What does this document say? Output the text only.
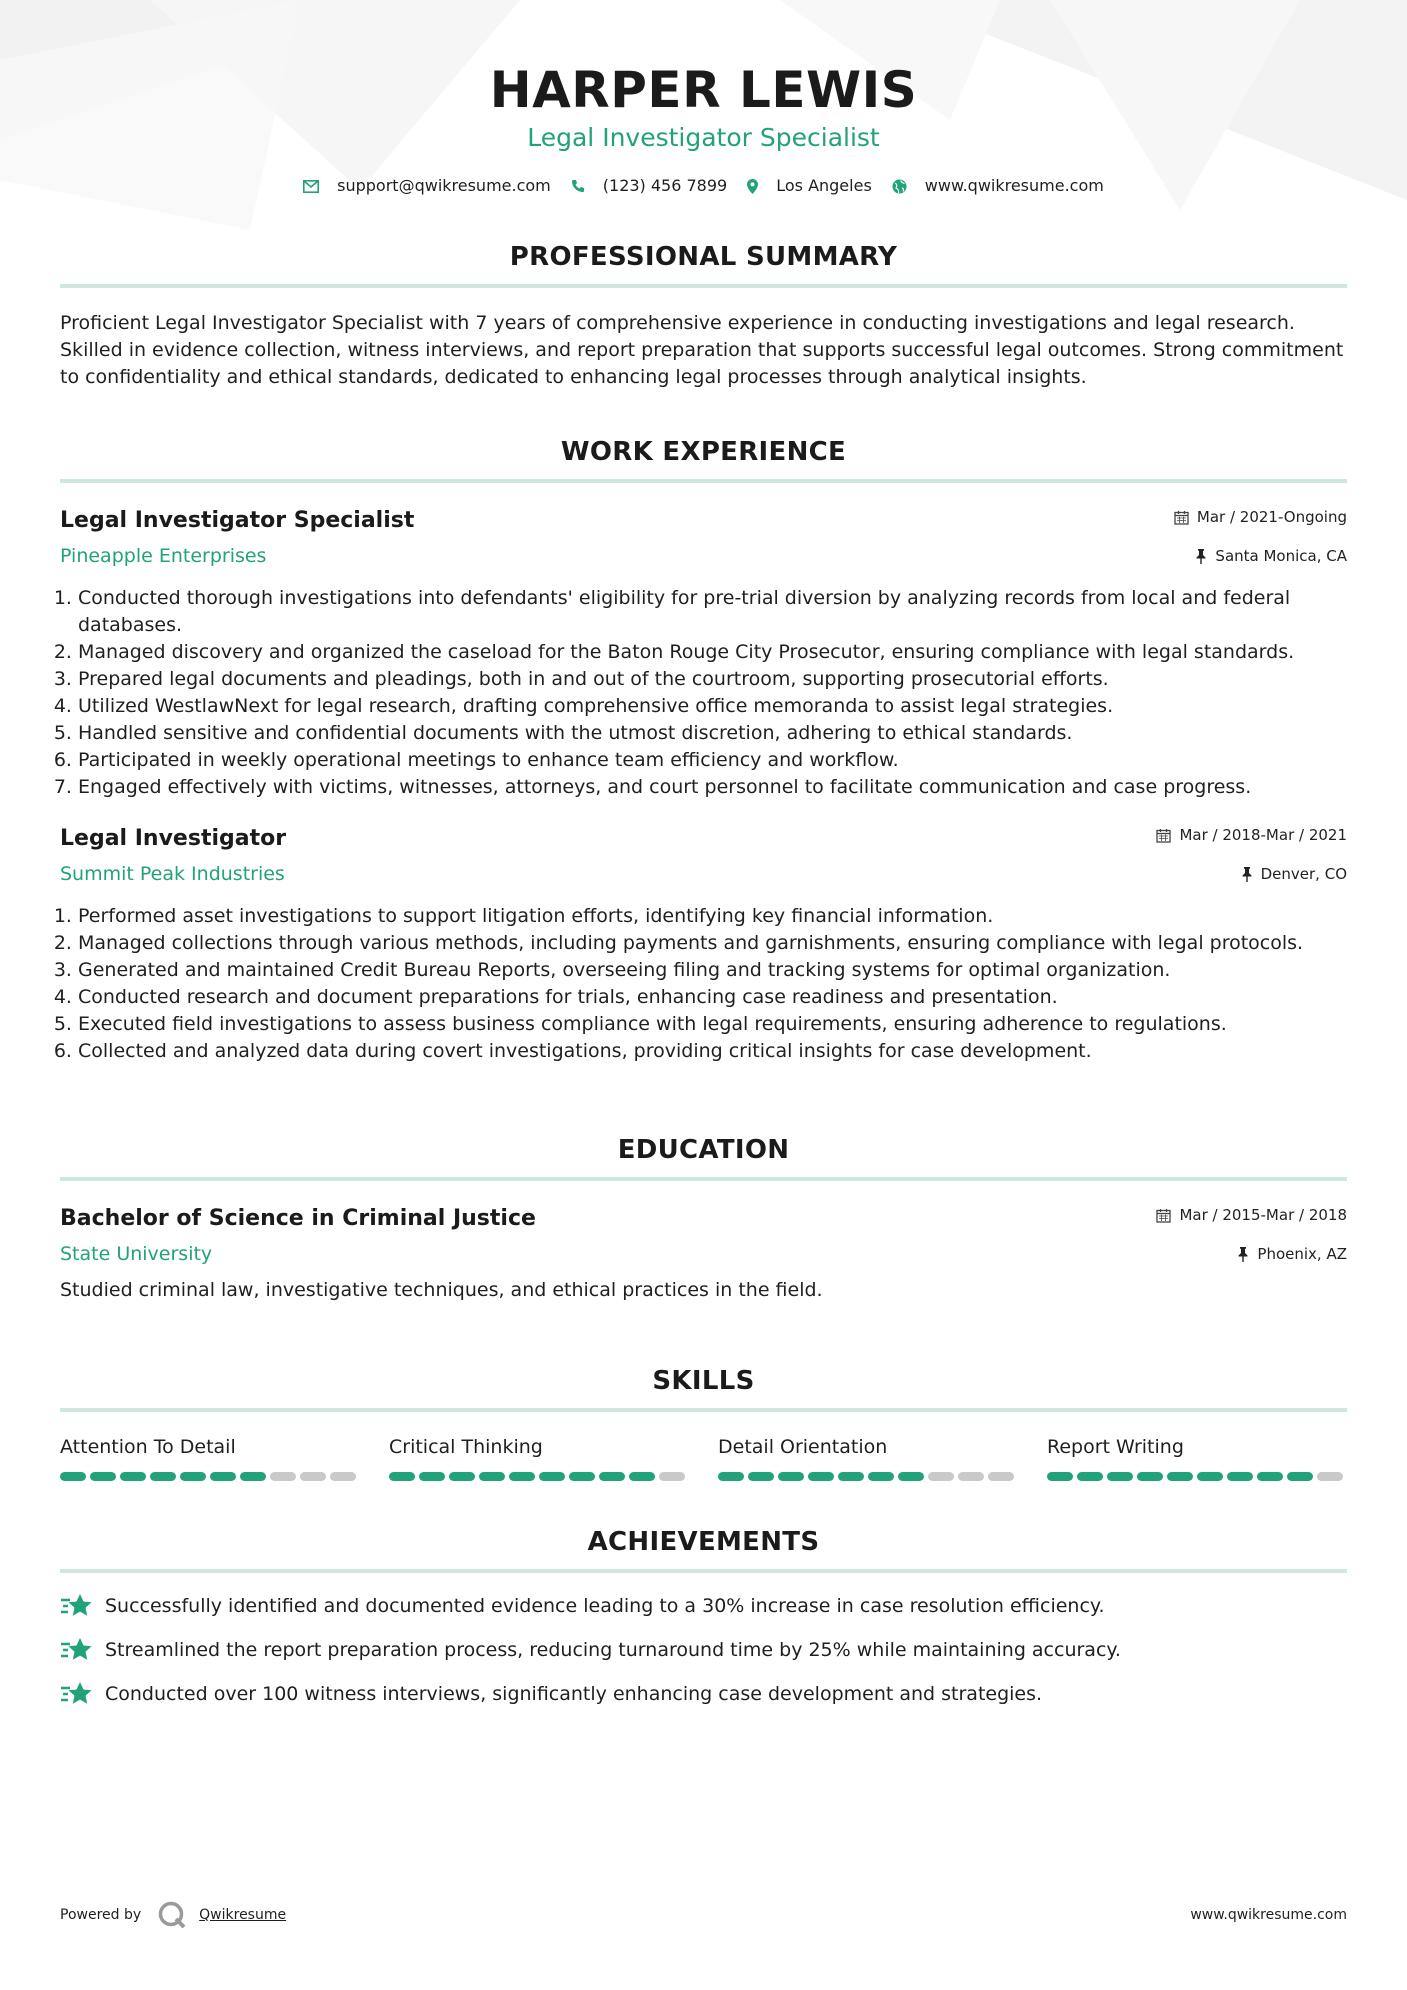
HARPER LEWIS
Legal Investigator Specialist
support@qwikresume.com	(123) 456 7899	Los Angeles	www.qwikresume.com
PROFESSIONAL SUMMARY
Proficient Legal Investigator Specialist with 7 years of comprehensive experience in conducting investigations and legal research. Skilled in evidence collection, witness interviews, and report preparation that supports successful legal outcomes. Strong commitment to confidentiality and ethical standards, dedicated to enhancing legal processes through analytical insights.
WORK EXPERIENCE
Legal Investigator Specialist	Mar / 2021-Ongoing
Pineapple Enterprises	Santa Monica, CA
1. Conducted thorough investigations into defendants' eligibility for pre-trial diversion by analyzing records from local and federal databases.
2. Managed discovery and organized the caseload for the Baton Rouge City Prosecutor, ensuring compliance with legal standards.
3. Prepared legal documents and pleadings, both in and out of the courtroom, supporting prosecutorial efforts.
4. Utilized WestlawNext for legal research, drafting comprehensive office memoranda to assist legal strategies.
5. Handled sensitive and confidential documents with the utmost discretion, adhering to ethical standards.
6. Participated in weekly operational meetings to enhance team efficiency and workflow.
7. Engaged effectively with victims, witnesses, attorneys, and court personnel to facilitate communication and case progress.
Legal Investigator	Mar / 2018-Mar / 2021
Summit Peak Industries	Denver, CO
1. Performed asset investigations to support litigation efforts, identifying key financial information.
2. Managed collections through various methods, including payments and garnishments, ensuring compliance with legal protocols.
3. Generated and maintained Credit Bureau Reports, overseeing filing and tracking systems for optimal organization.
4. Conducted research and document preparations for trials, enhancing case readiness and presentation.
5. Executed field investigations to assess business compliance with legal requirements, ensuring adherence to regulations.
6. Collected and analyzed data during covert investigations, providing critical insights for case development.
EDUCATION
Bachelor of Science in Criminal Justice	Mar / 2015-Mar / 2018
State University	Phoenix, AZ
Studied criminal law, investigative techniques, and ethical practices in the field.
SKILLS
Attention To Detail	Critical Thinking	Detail Orientation	Report Writing
ACHIEVEMENTS
Successfully identified and documented evidence leading to a 30% increase in case resolution efficiency.
Streamlined the report preparation process, reducing turnaround time by 25% while maintaining accuracy.
Conducted over 100 witness interviews, significantly enhancing case development and strategies.
Powered by	Qwikresume	www.qwikresume.com
